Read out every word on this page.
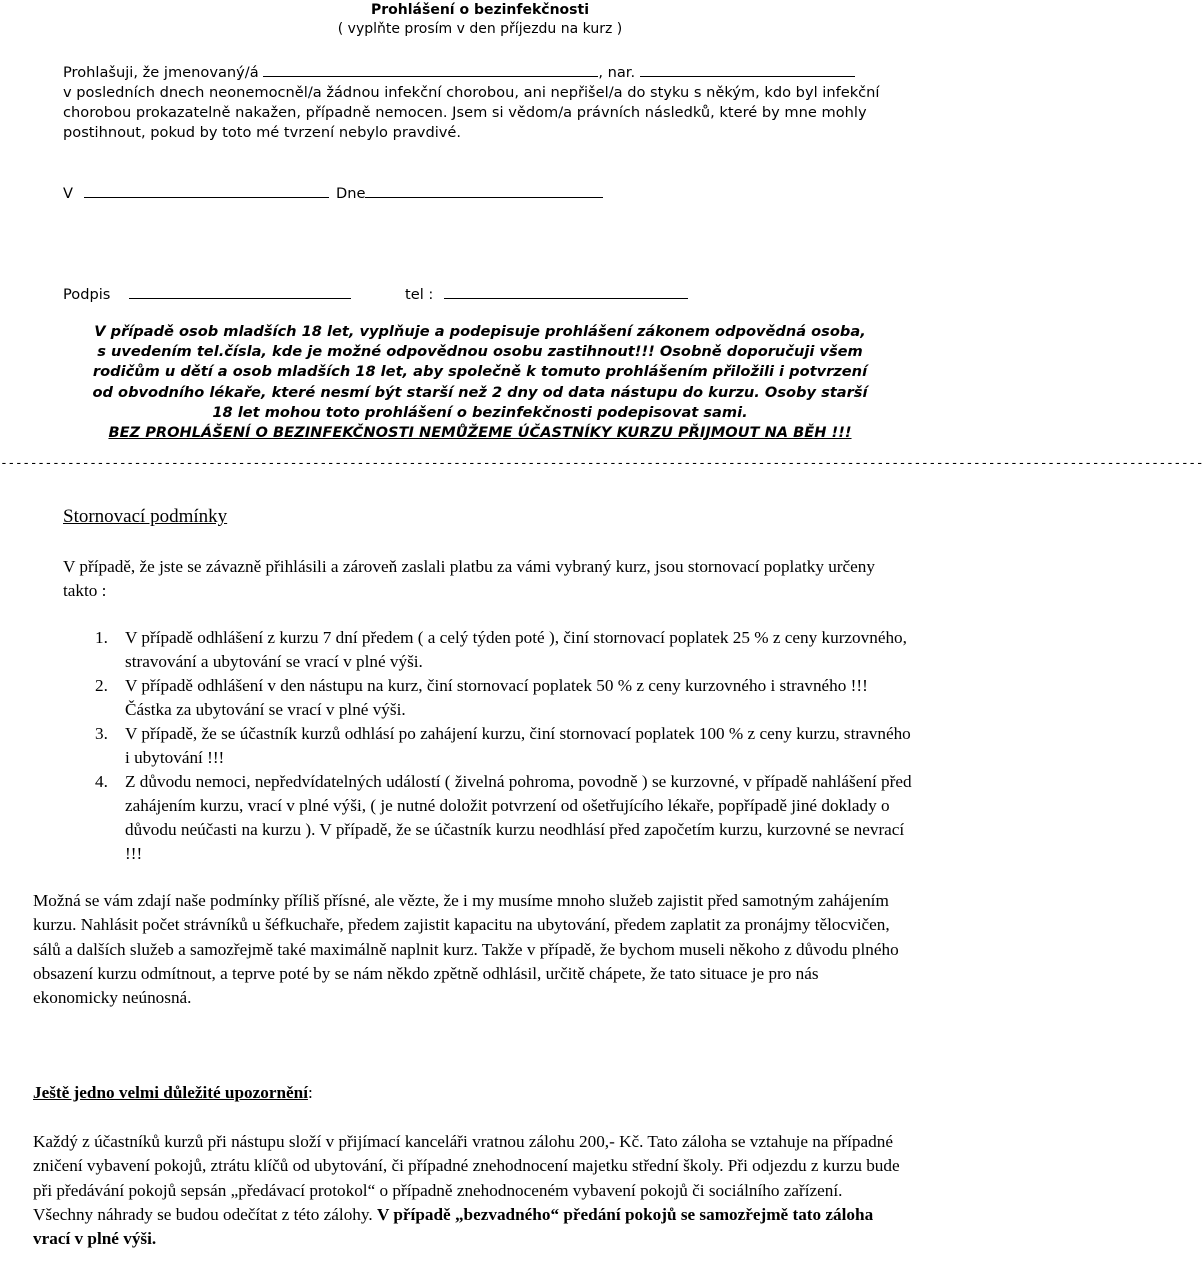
Prohlášení o bezinfekčnosti
( vyplňte prosím v den příjezdu na kurz )
Prohlašuji, že jmenovaný/á	, nar.
v posledních dnech neonemocněl/a žádnou infekční chorobou, ani nepřišel/a do styku s někým, kdo byl infekční chorobou prokazatelně nakažen, případně nemocen. Jsem si vědom/a právních následků, které by mne mohly postihnout, pokud by toto mé tvrzení nebylo pravdivé.
V	Dne
Podpis	tel :
V případě osob mladších 18 let, vyplňuje a podepisuje prohlášení zákonem odpovědná osoba,
s uvedením tel.čísla, kde je možné odpovědnou osobu zastihnout!!! Osobně doporučuji všem
rodičům u dětí a osob mladších 18 let, aby společně k tomuto prohlášením přiložili i potvrzení
od obvodního lékaře, které nesmí být starší než 2 dny od data nástupu do kurzu. Osoby starší
18 let mohou toto prohlášení o bezinfekčnosti podepisovat sami.
BEZ PROHLÁŠENÍ O BEZINFEKČNOSTI NEMŮŽEME ÚČASTNÍKY KURZU PŘIJMOUT NA BĚH !!!
------------------------------------------------------------------------------------------------------------------------------------------------------------------
Stornovací podmínky
V případě, že jste se závazně přihlásili a zároveň zaslali platbu za vámi vybraný kurz, jsou stornovací poplatky určeny takto :
1. V případě odhlášení z kurzu 7 dní předem ( a celý týden poté ), činí stornovací poplatek 25 % z ceny kurzovného, stravování a ubytování se vrací v plné výši.
2. V případě odhlášení v den nástupu na kurz, činí stornovací poplatek 50 % z ceny kurzovného i stravného !!! Částka za ubytování se vrací v plné výši.
3. V případě, že se účastník kurzů odhlásí po zahájení kurzu, činí stornovací poplatek 100 % z ceny kurzu, stravného i ubytování !!!
4. Z důvodu nemoci, nepředvídatelných událostí ( živelná pohroma, povodně ) se kurzovné, v případě nahlášení před zahájením kurzu, vrací v plné výši, ( je nutné doložit potvrzení od ošetřujícího lékaře, popřípadě jiné doklady o důvodu neúčasti na kurzu ). V případě, že se účastník kurzu neodhlásí před započetím kurzu, kurzovné se nevrací !!!
Možná se vám zdají naše podmínky příliš přísné, ale vězte, že i my musíme mnoho služeb zajistit před samotným zahájením kurzu. Nahlásit počet strávníků u šéfkuchaře, předem zajistit kapacitu na ubytování, předem zaplatit za pronájmy tělocvičen, sálů a dalších služeb a samozřejmě také maximálně naplnit kurz. Takže v případě, že bychom museli někoho z důvodu plného obsazení kurzu odmítnout, a teprve poté by se nám někdo zpětně odhlásil, určitě chápete, že tato situace je pro nás ekonomicky neúnosná.
Ještě jedno velmi důležité upozornění:
Každý z účastníků kurzů při nástupu složí v přijímací kanceláři vratnou zálohu 200,- Kč. Tato záloha se vztahuje na případné zničení vybavení pokojů, ztrátu klíčů od ubytování, či případné znehodnocení majetku střední školy. Při odjezdu z kurzu bude při předávání pokojů sepsán „předávací protokol“ o případně znehodnoceném vybavení pokojů či sociálního zařízení. Všechny náhrady se budou odečítat z této zálohy. V případě „bezvadného“ předání pokojů se samozřejmě tato záloha vrací v plné výši.
